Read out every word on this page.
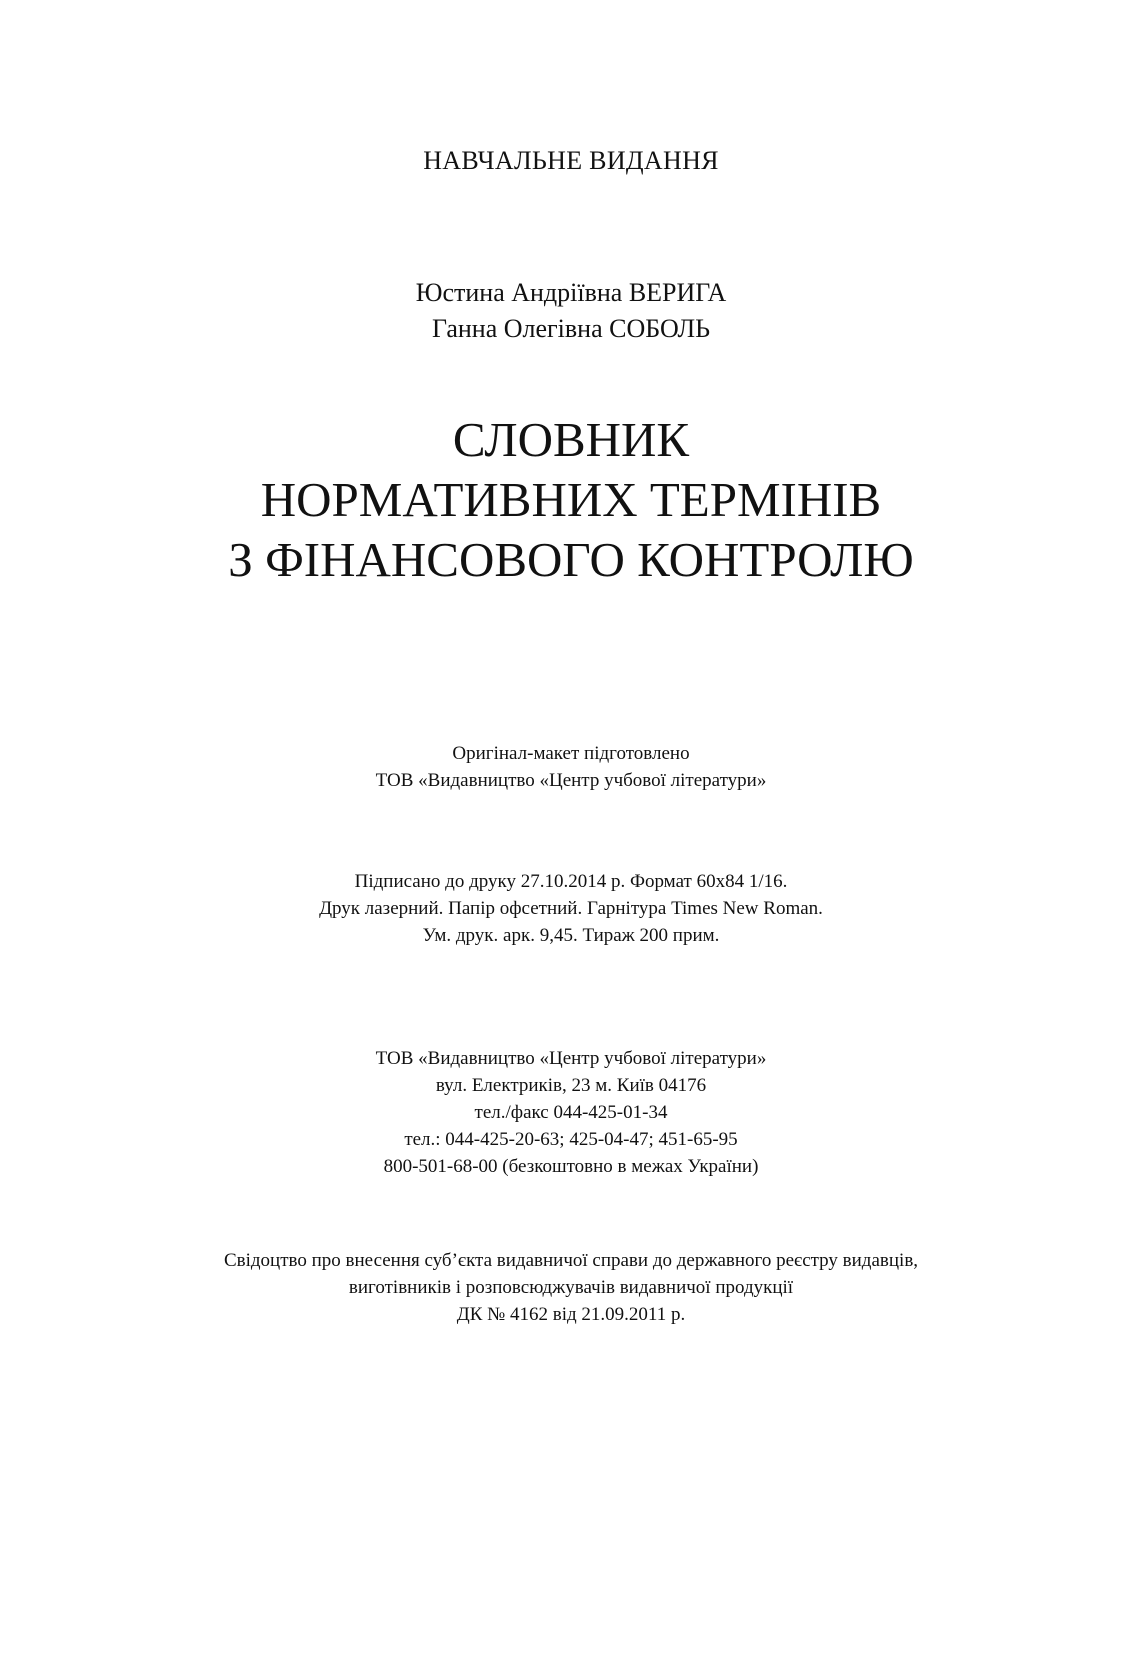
НАВЧАЛЬНЕ ВИДАННЯ
Юстина Андріївна ВЕРИГА
Ганна Олегівна СОБОЛЬ
СЛОВНИК
НОРМАТИВНИХ ТЕРМІНІВ
З ФІНАНСОВОГО КОНТРОЛЮ
Оригінал-макет підготовлено
ТОВ «Видавництво «Центр учбової літератури»
Підписано до друку 27.10.2014 р. Формат 60х84 1/16.
Друк лазерний. Папір офсетний. Гарнітура Times New Roman.
Ум. друк. арк. 9,45. Тираж 200 прим.
ТОВ «Видавництво «Центр учбової літератури»
вул. Електриків, 23 м. Київ 04176
тел./факс 044-425-01-34
тел.: 044-425-20-63; 425-04-47; 451-65-95
800-501-68-00 (безкоштовно в межах України)
Свідоцтво про внесення суб’єкта видавничої справи до державного реєстру видавців,
виготівників і розповсюджувачів видавничої продукції
ДК № 4162 від 21.09.2011 р.
